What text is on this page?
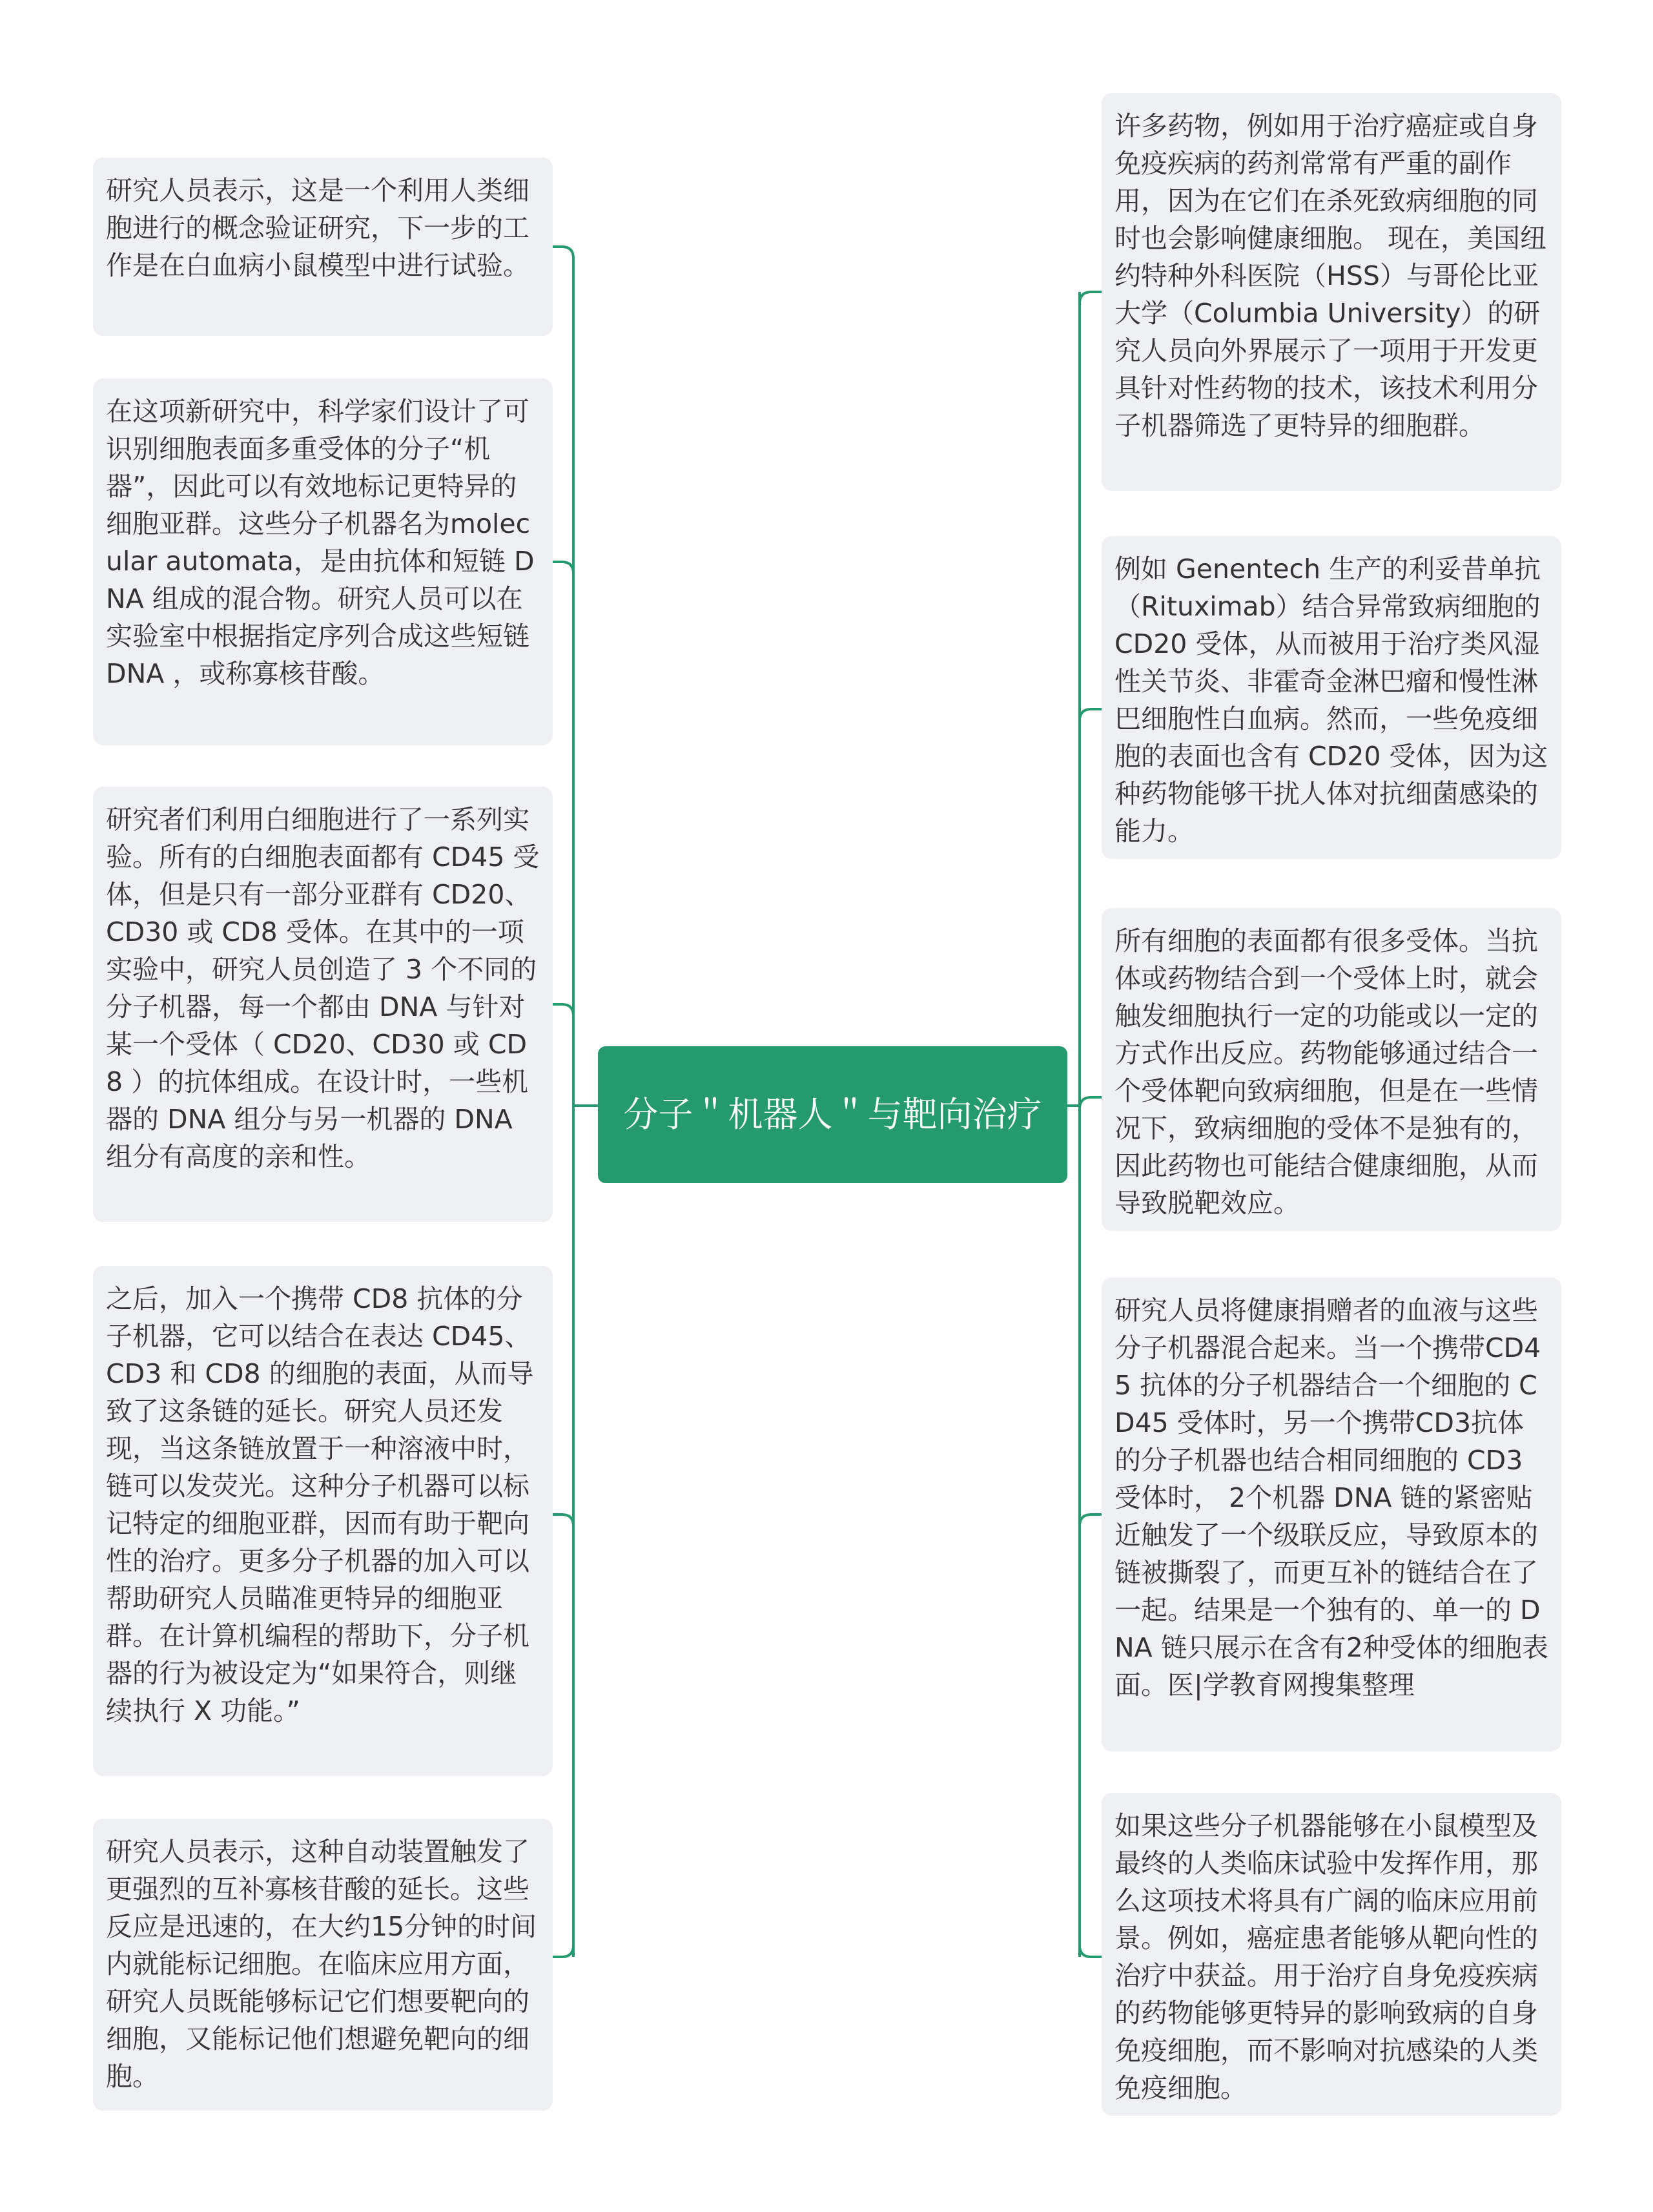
分子＂机器人＂与靶向治疗
研究人员表示，这是一个利用人类细胞进行的概念验证研究，下一步的工作是在白血病小鼠模型中进行试验。
在这项新研究中，科学家们设计了可识别细胞表面多重受体的分子“机器”，因此可以有效地标记更特异的细胞亚群。这些分子机器名为molecular automata，是由抗体和短链 DNA 组成的混合物。研究人员可以在实验室中根据指定序列合成这些短链 DNA ，或称寡核苷酸。
研究者们利用白细胞进行了一系列实验。所有的白细胞表面都有 CD45 受体，但是只有一部分亚群有 CD20、CD30 或 CD8 受体。在其中的一项实验中，研究人员创造了 3 个不同的分子机器，每一个都由 DNA 与针对某一个受体（ CD20、CD30 或 CD8 ）的抗体组成。在设计时，一些机器的 DNA 组分与另一机器的 DNA 组分有高度的亲和性。
之后，加入一个携带 CD8 抗体的分子机器，它可以结合在表达 CD45、CD3 和 CD8 的细胞的表面，从而导致了这条链的延长。研究人员还发现，当这条链放置于一种溶液中时，链可以发荧光。这种分子机器可以标记特定的细胞亚群，因而有助于靶向性的治疗。更多分子机器的加入可以帮助研究人员瞄准更特异的细胞亚群。在计算机编程的帮助下，分子机器的行为被设定为“如果符合，则继续执行 X 功能。”
研究人员表示，这种自动装置触发了更强烈的互补寡核苷酸的延长。这些反应是迅速的，在大约15分钟的时间内就能标记细胞。在临床应用方面，研究人员既能够标记它们想要靶向的细胞，又能标记他们想避免靶向的细胞。
许多药物，例如用于治疗癌症或自身免疫疾病的药剂常常有严重的副作用，因为在它们在杀死致病细胞的同时也会影响健康细胞。 现在，美国纽约特种外科医院（HSS）与哥伦比亚大学（Columbia University）的研究人员向外界展示了一项用于开发更具针对性药物的技术，该技术利用分子机器筛选了更特异的细胞群。
例如 Genentech 生产的利妥昔单抗（Rituximab）结合异常致病细胞的 CD20 受体，从而被用于治疗类风湿性关节炎、非霍奇金淋巴瘤和慢性淋巴细胞性白血病。然而，一些免疫细胞的表面也含有 CD20 受体，因为这种药物能够干扰人体对抗细菌感染的能力。
所有细胞的表面都有很多受体。当抗体或药物结合到一个受体上时，就会触发细胞执行一定的功能或以一定的方式作出反应。药物能够通过结合一个受体靶向致病细胞，但是在一些情况下，致病细胞的受体不是独有的，因此药物也可能结合健康细胞，从而导致脱靶效应。
研究人员将健康捐赠者的血液与这些分子机器混合起来。当一个携带CD45 抗体的分子机器结合一个细胞的 CD45 受体时，另一个携带CD3抗体的分子机器也结合相同细胞的 CD3 受体时， 2个机器 DNA 链的紧密贴近触发了一个级联反应，导致原本的链被撕裂了，而更互补的链结合在了一起。结果是一个独有的、单一的 DNA 链只展示在含有2种受体的细胞表面。医|学教育网搜集整理
如果这些分子机器能够在小鼠模型及最终的人类临床试验中发挥作用，那么这项技术将具有广阔的临床应用前景。例如，癌症患者能够从靶向性的治疗中获益。用于治疗自身免疫疾病的药物能够更特异的影响致病的自身免疫细胞，而不影响对抗感染的人类免疫细胞。
